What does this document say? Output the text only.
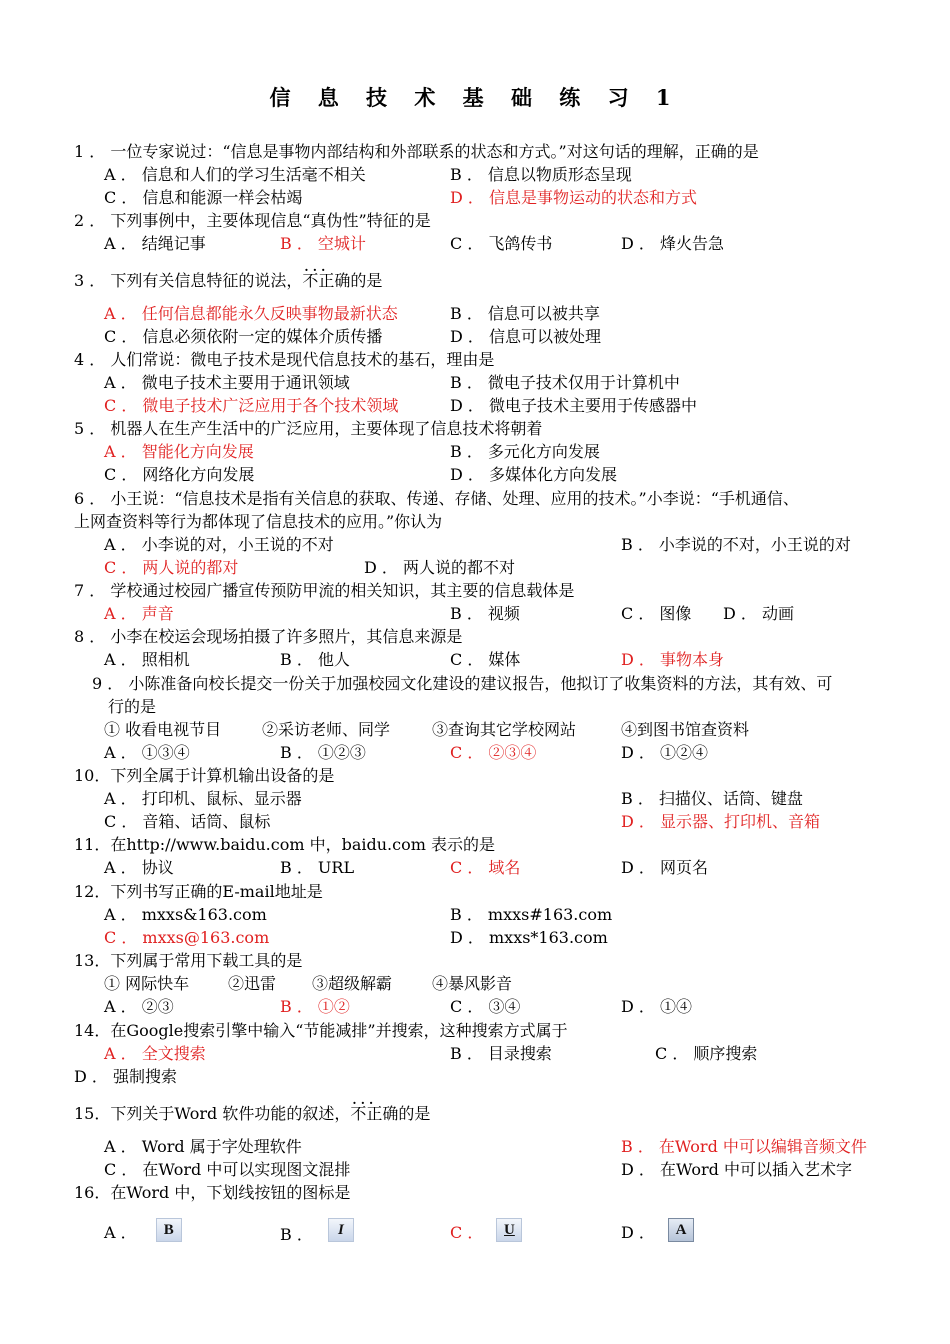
信 息 技 术 基 础 练 习 1
1 ． 一位专家说过：“信息是事物内部结构和外部联系的状态和方式。”对这句话的理解，正确的是
A ． 信息和人们的学习生活毫不相关	B ． 信息以物质形态呈现
C ． 信息和能源一样会枯竭	D ． 信息是事物运动的状态和方式
2 ． 下列事例中，主要体现信息“真伪性”特征的是
A ． 结绳记事	B ． 空城计	C ． 飞鸽传书	D ． 烽火告急
3 ． 下列有关信息特征的说法，· · · 不正确的是
A ． 任何信息都能永久反映事物最新状态	B ． 信息可以被共享
C ． 信息必须依附一定的媒体介质传播	D ． 信息可以被处理
4 ． 人们常说：微电子技术是现代信息技术的基石，理由是
A ． 微电子技术主要用于通讯领域	B ． 微电子技术仅用于计算机中
C ． 微电子技术广泛应用于各个技术领域	D ． 微电子技术主要用于传感器中
5 ． 机器人在生产生活中的广泛应用，主要体现了信息技术将朝着
A ． 智能化方向发展	B ． 多元化方向发展
C ． 网络化方向发展	D ． 多媒体化方向发展
6 ． 小王说：“信息技术是指有关信息的获取、传递、存储、处理、应用的技术。”小李说：“手机通信、
上网查资料等行为都体现了信息技术的应用。”你认为
A ． 小李说的对，小王说的不对	B ． 小李说的不对，小王说的对
C ． 两人说的都对	D ． 两人说的都不对
7 ． 学校通过校园广播宣传预防甲流的相关知识，其主要的信息载体是
A ． 声音	B ． 视频	C ． 图像 D ． 动画
8 ． 小李在校运会现场拍摄了许多照片，其信息来源是
A ． 照相机	B ． 他人	C ． 媒体	D ． 事物本身
9 ． 小陈准备向校长提交一份关于加强校园文化建设的建议报告，他拟订了收集资料的方法，其有效、可
行的是
① 收看电视节目	②采访老师、同学	③查询其它学校网站	④到图书馆查资料
A ． ①③④	B ． ①②③	C ． ②③④	D ． ①②④
10．下列全属于计算机输出设备的是
A ． 打印机、鼠标、显示器	B ． 扫描仪、话筒、键盘
C ． 音箱、话筒、鼠标	D ． 显示器、打印机、音箱
11．在http://www.baidu.com 中，baidu.com 表示的是
A ． 协议	B ． URL	C ． 域名	D ． 网页名
12．下列书写正确的E-mail地址是
A ． mxxs&163.com	B ． mxxs#163.com
C ． mxxs@163.com	D ． mxxs*163.com
13．下列属于常用下载工具的是
① 网际快车 ②迅雷 ③超级解霸 ④暴风影音
A ． ②③	B ． ①②	C ． ③④	D ． ①④
14．在Google搜索引擎中输入“节能减排”并搜索，这种搜索方式属于
A ． 全文搜索	B ． 目录搜索	C ． 顺序搜索
D ． 强制搜索
15．下列关于Word 软件功能的叙述，· · · 不正确的是
A ． Word 属于字处理软件	B ． 在Word 中可以编辑音频文件
C ． 在Word 中可以实现图文混排	D ． 在Word 中可以插入艺术字
16．在Word 中，下划线按钮的图标是
A ． B	B ． I	C ． U	D ． A
